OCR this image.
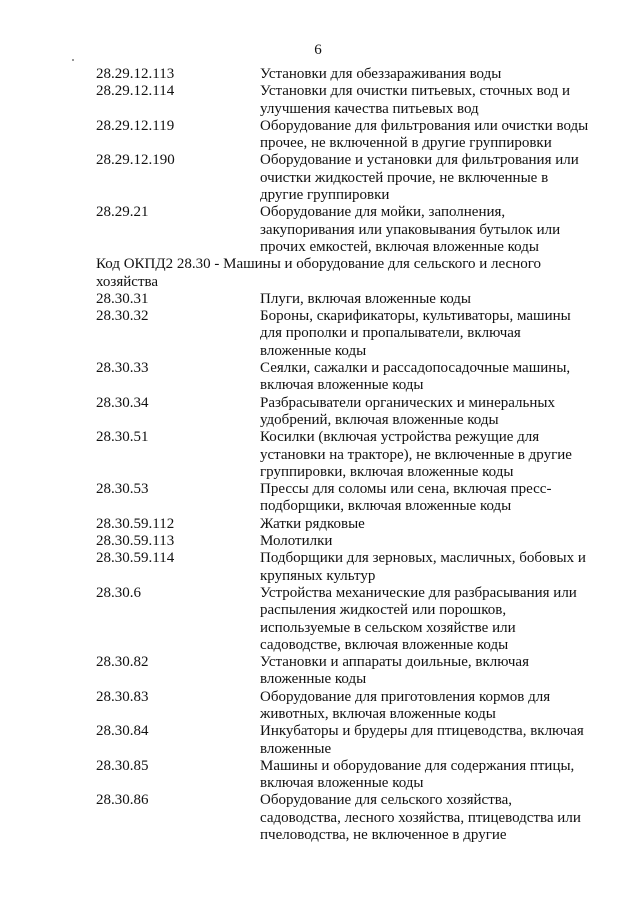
6
28.29.12.113	Установки для обеззараживания воды
28.29.12.114	Установки для очистки питьевых, сточных вод и
улучшения качества питьевых вод
28.29.12.119	Оборудование для фильтрования или очистки воды
прочее, не включенной в другие группировки
28.29.12.190	Оборудование и установки для фильтрования или
очистки жидкостей прочие, не включенные в
другие группировки
28.29.21	Оборудование для мойки, заполнения,
закупоривания или упаковывания бутылок или
прочих емкостей, включая вложенные коды
Код ОКПД2 28.30 - Машины и оборудование для сельского и лесного
хозяйства
28.30.31	Плуги, включая вложенные коды
28.30.32	Бороны, скарификаторы, культиваторы, машины
для прополки и пропалыватели, включая
вложенные коды
28.30.33	Сеялки, сажалки и рассадопосадочные машины,
включая вложенные коды
28.30.34	Разбрасыватели органических и минеральных
удобрений, включая вложенные коды
28.30.51	Косилки (включая устройства режущие для
установки на тракторе), не включенные в другие
группировки, включая вложенные коды
28.30.53	Прессы для соломы или сена, включая пресс-
подборщики, включая вложенные коды
28.30.59.112	Жатки рядковые
28.30.59.113	Молотилки
28.30.59.114	Подборщики для зерновых, масличных, бобовых и
крупяных культур
28.30.6	Устройства механические для разбрасывания или
распыления жидкостей или порошков,
используемые в сельском хозяйстве или
садоводстве, включая вложенные коды
28.30.82	Установки и аппараты доильные, включая
вложенные коды
28.30.83	Оборудование для приготовления кормов для
животных, включая вложенные коды
28.30.84	Инкубаторы и брудеры для птицеводства, включая
вложенные
28.30.85	Машины и оборудование для содержания птицы,
включая вложенные коды
28.30.86	Оборудование для сельского хозяйства,
садоводства, лесного хозяйства, птицеводства или
пчеловодства, не включенное в другие
